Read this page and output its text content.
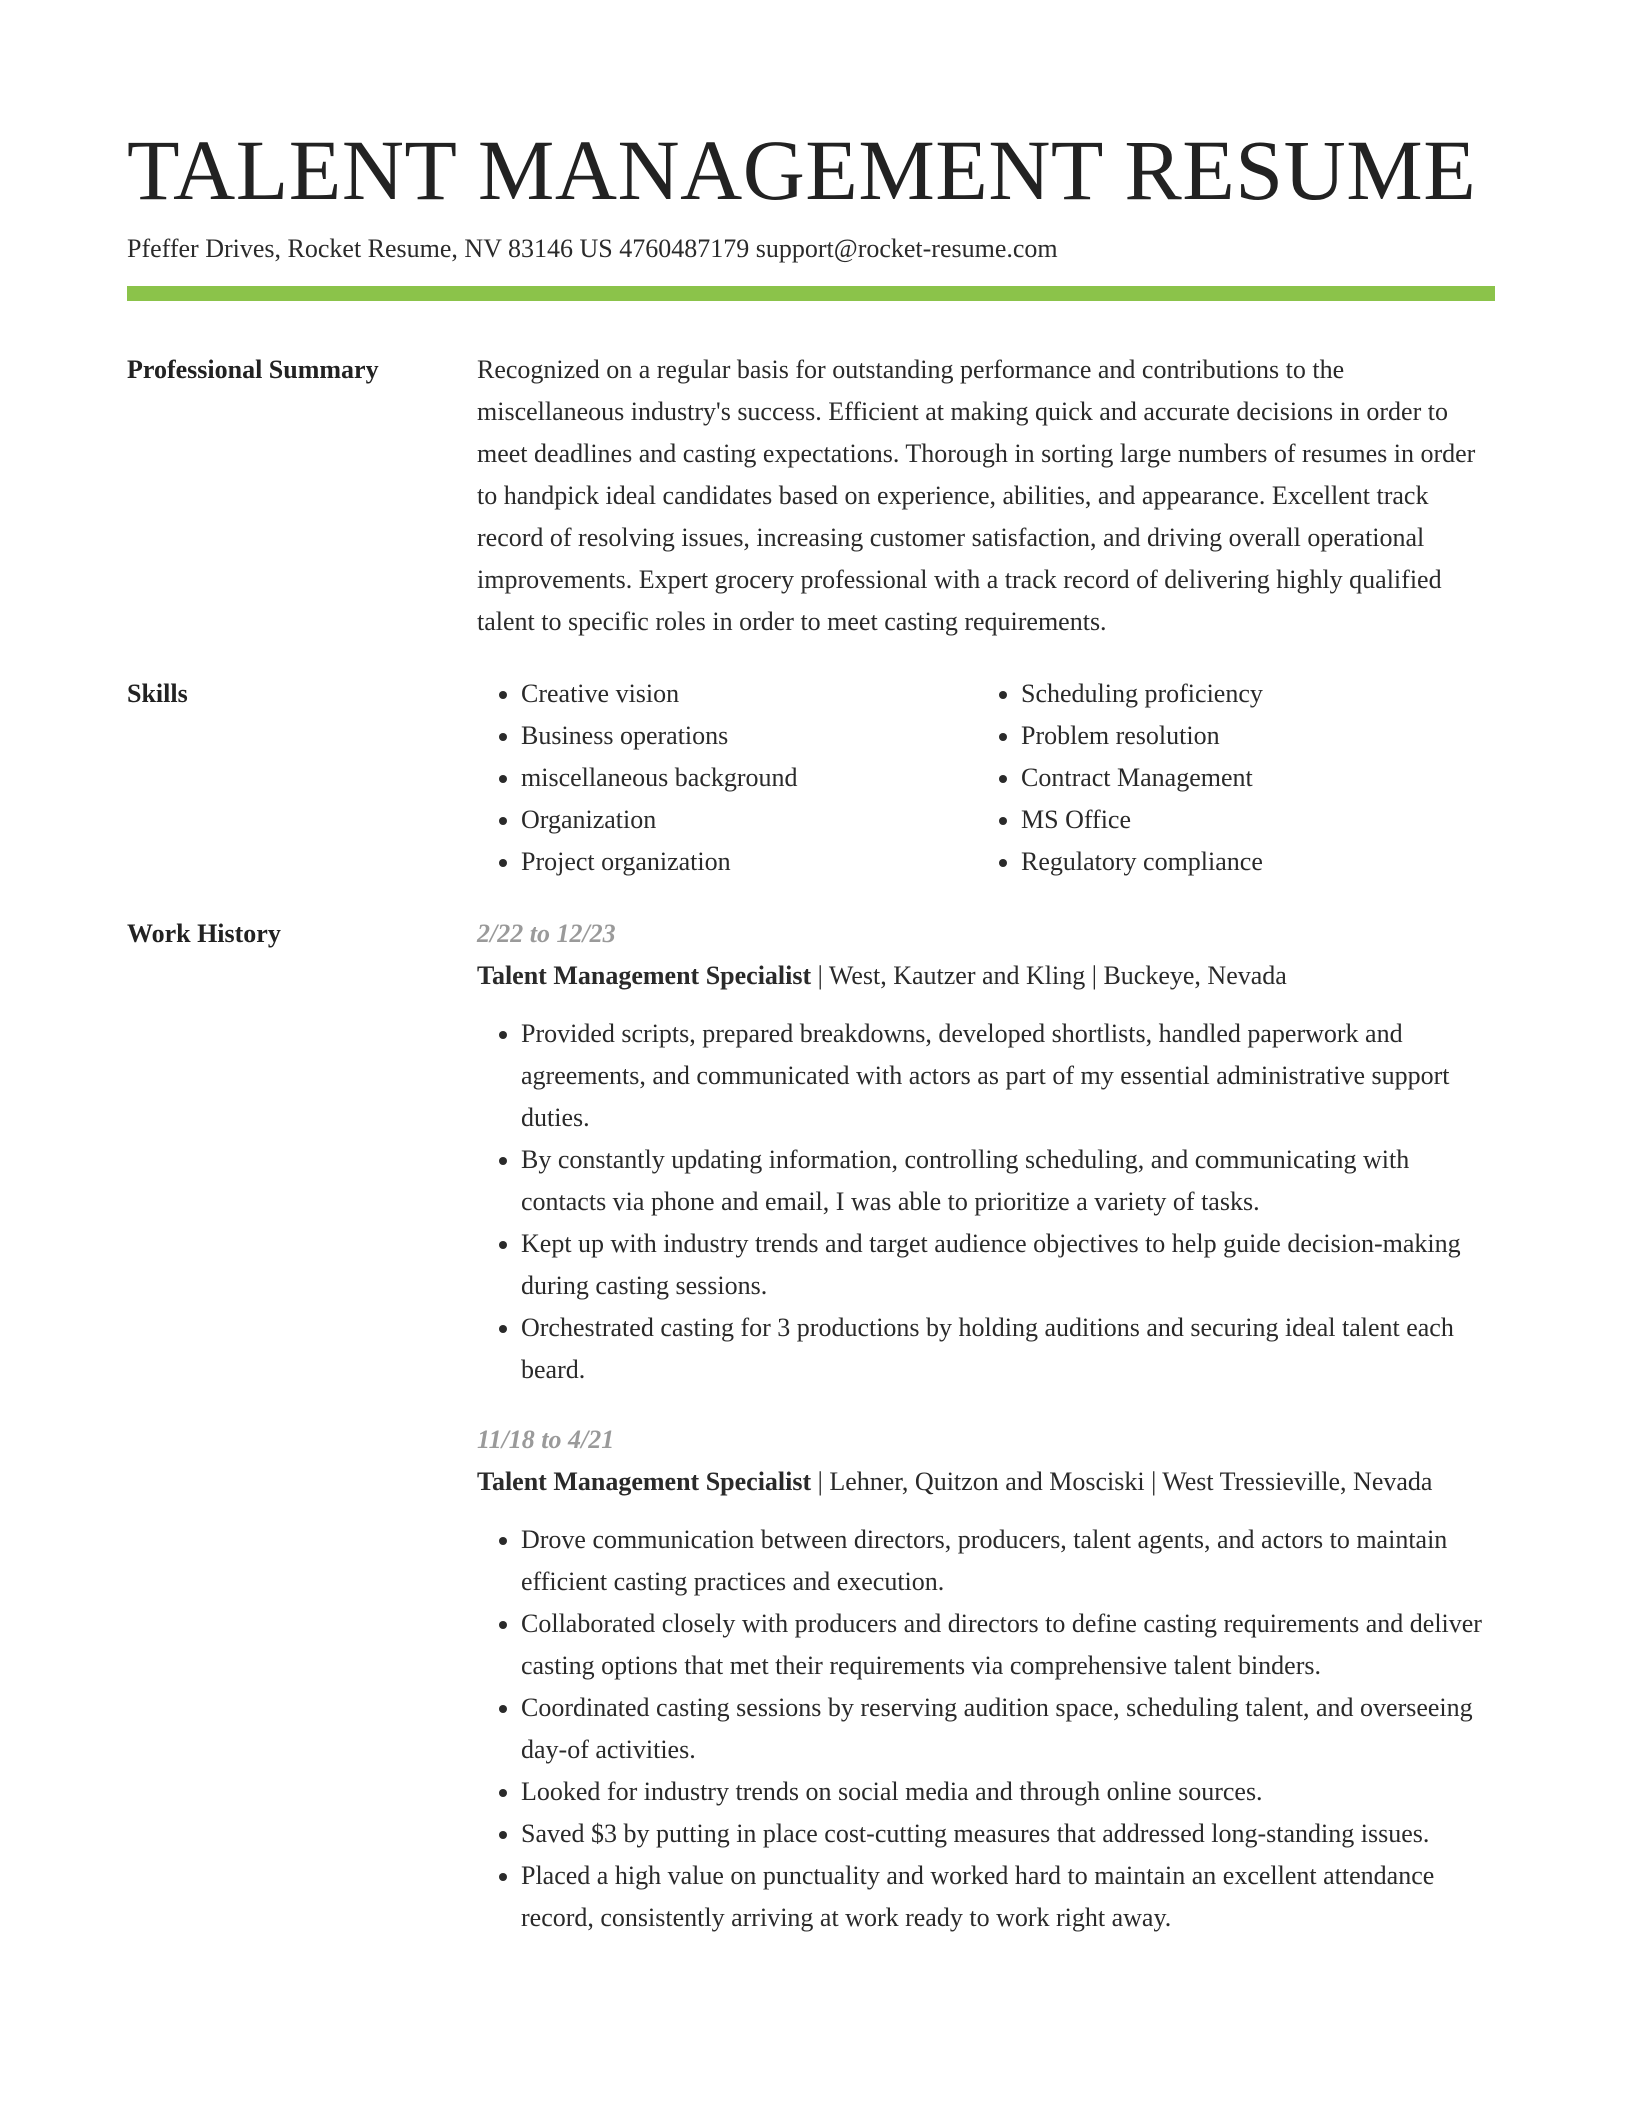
TALENT MANAGEMENT RESUME
Pfeffer Drives, Rocket Resume, NV 83146 US 4760487179 support@rocket-resume.com
Professional Summary	Recognized on a regular basis for outstanding performance and contributions to the miscellaneous industry's success. Efficient at making quick and accurate decisions in order to meet deadlines and casting expectations. Thorough in sorting large numbers of resumes in order to handpick ideal candidates based on experience, abilities, and appearance. Excellent track record of resolving issues, increasing customer satisfaction, and driving overall operational improvements. Expert grocery professional with a track record of delivering highly qualified talent to specific roles in order to meet casting requirements.
Skills
•	Creative vision
• Business operations
• miscellaneous background
• Organization
• Project organization
• Scheduling proficiency
• Problem resolution
• Contract Management
• MS Office
• Regulatory compliance
Work History	2/22 to 12/23
Talent Management Specialist | West, Kautzer and Kling | Buckeye, Nevada
• Provided scripts, prepared breakdowns, developed shortlists, handled paperwork and agreements, and communicated with actors as part of my essential administrative support duties.
• By constantly updating information, controlling scheduling, and communicating with contacts via phone and email, I was able to prioritize a variety of tasks.
• Kept up with industry trends and target audience objectives to help guide decision-making during casting sessions.
• Orchestrated casting for 3 productions by holding auditions and securing ideal talent each beard.
11/18 to 4/21
Talent Management Specialist | Lehner, Quitzon and Mosciski | West Tressieville, Nevada
• Drove communication between directors, producers, talent agents, and actors to maintain efficient casting practices and execution.
• Collaborated closely with producers and directors to define casting requirements and deliver casting options that met their requirements via comprehensive talent binders.
• Coordinated casting sessions by reserving audition space, scheduling talent, and overseeing day-of activities.
• Looked for industry trends on social media and through online sources.
• Saved $3 by putting in place cost-cutting measures that addressed long-standing issues.
• Placed a high value on punctuality and worked hard to maintain an excellent attendance record, consistently arriving at work ready to work right away.
